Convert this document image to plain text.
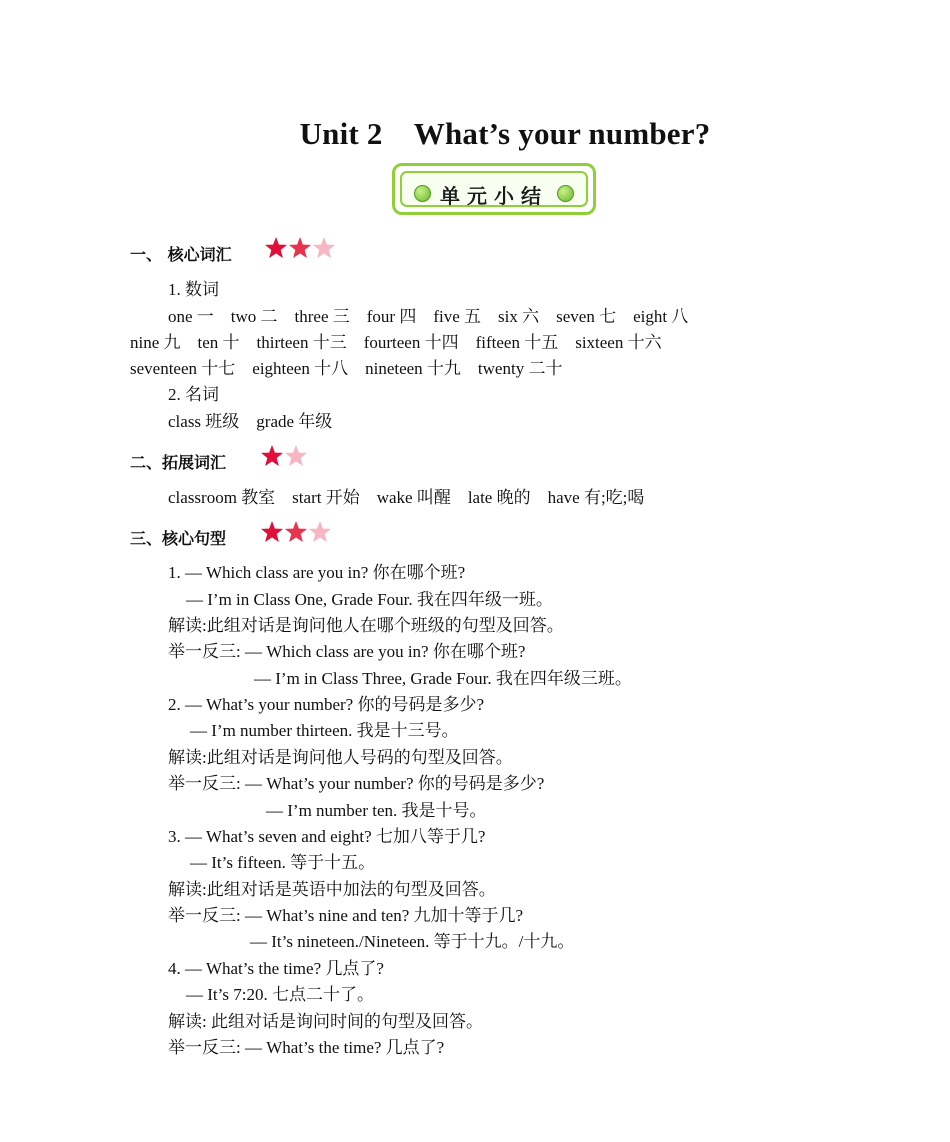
Unit 2　What’s your number?
单元小结
一、 核心词汇
1. 数词
one 一　two 二　three 三　four 四　five 五　six 六　seven 七　eight 八
nine 九　ten 十　thirteen 十三　fourteen 十四　fifteen 十五　sixteen 十六
seventeen 十七　eighteen 十八　nineteen 十九　twenty 二十
2. 名词
class 班级　grade 年级
二、拓展词汇
classroom 教室　start 开始　wake 叫醒　late 晚的　have 有;吃;喝
三、核心句型
1. — Which class are you in? 你在哪个班?
— I’m in Class One, Grade Four. 我在四年级一班。
解读:此组对话是询问他人在哪个班级的句型及回答。
举一反三: — Which class are you in? 你在哪个班?
— I’m in Class Three, Grade Four. 我在四年级三班。
2. — What’s your number? 你的号码是多少?
— I’m number thirteen. 我是十三号。
解读:此组对话是询问他人号码的句型及回答。
举一反三: — What’s your number? 你的号码是多少?
— I’m number ten. 我是十号。
3. — What’s seven and eight? 七加八等于几?
— It’s fifteen. 等于十五。
解读:此组对话是英语中加法的句型及回答。
举一反三: — What’s nine and ten? 九加十等于几?
— It’s nineteen./Nineteen. 等于十九。/十九。
4. — What’s the time? 几点了?
— It’s 7:20. 七点二十了。
解读: 此组对话是询问时间的句型及回答。
举一反三: — What’s the time? 几点了?
